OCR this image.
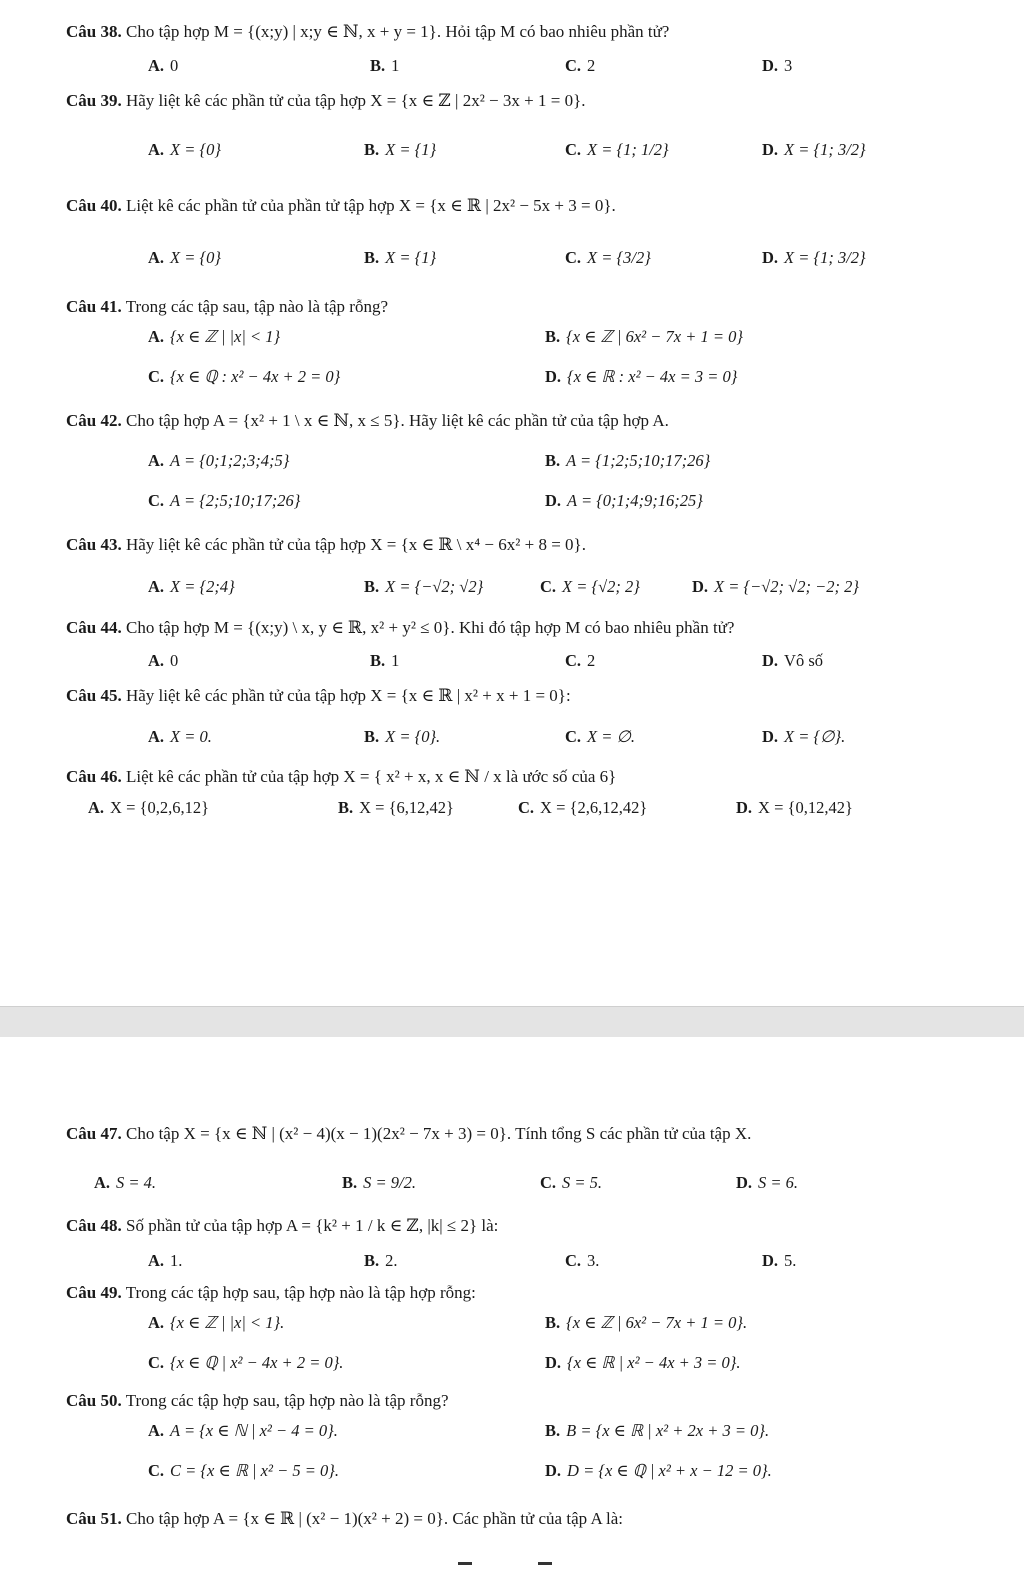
Câu 38. Cho tập hợp M = {(x;y) | x;y ∈ ℕ, x + y = 1}. Hỏi tập M có bao nhiêu phần tử?
A. 0	B. 1	C. 2	D. 3
Câu 39. Hãy liệt kê các phần tử của tập hợp X = {x ∈ ℤ | 2x² − 3x + 1 = 0}.
A. X = {0}	B. X = {1}	C. X = {1; 1/2}	D. X = {1; 3/2}
Câu 40. Liệt kê các phần tử của phần tử tập hợp X = {x ∈ ℝ | 2x² − 5x + 3 = 0}.
A. X = {0}	B. X = {1}	C. X = {3/2}	D. X = {1; 3/2}
Câu 41. Trong các tập sau, tập nào là tập rỗng?
A. {x ∈ ℤ | |x| < 1}	B. {x ∈ ℤ | 6x² − 7x + 1 = 0}
C. {x ∈ ℚ : x² − 4x + 2 = 0}	D. {x ∈ ℝ : x² − 4x = 3 = 0}
Câu 42. Cho tập hợp A = {x² + 1 \ x ∈ ℕ, x ≤ 5}. Hãy liệt kê các phần tử của tập hợp A.
A. A = {0;1;2;3;4;5}	B. A = {1;2;5;10;17;26}
C. A = {2;5;10;17;26}	D. A = {0;1;4;9;16;25}
Câu 43. Hãy liệt kê các phần tử của tập hợp X = {x ∈ ℝ \ x⁴ − 6x² + 8 = 0}.
A. X = {2;4}	B. X = {−√2; √2}	C. X = {√2; 2}	D. X = {−√2; √2; −2; 2}
Câu 44. Cho tập hợp M = {(x;y) \ x, y ∈ ℝ, x² + y² ≤ 0}. Khi đó tập hợp M có bao nhiêu phần tử?
A. 0	B. 1	C. 2	D. Vô số
Câu 45. Hãy liệt kê các phần tử của tập hợp X = {x ∈ ℝ | x² + x + 1 = 0}:
A. X = 0.	B. X = {0}.	C. X = ∅.	D. X = {∅}.
Câu 46. Liệt kê các phần tử của tập hợp X = { x² + x, x ∈ ℕ / x là ước số của 6}
A. X = {0,2,6,12}	B. X = {6,12,42}	C. X = {2,6,12,42}	D. X = {0,12,42}
Câu 47. Cho tập X = {x ∈ ℕ | (x² − 4)(x − 1)(2x² − 7x + 3) = 0}. Tính tổng S các phần tử của tập X.
A. S = 4.	B. S = 9/2.	C. S = 5.	D. S = 6.
Câu 48. Số phần tử của tập hợp A = {k² + 1 / k ∈ ℤ, |k| ≤ 2} là:
A. 1.	B. 2.	C. 3.	D. 5.
Câu 49. Trong các tập hợp sau, tập hợp nào là tập hợp rỗng:
A. {x ∈ ℤ | |x| < 1}.	B. {x ∈ ℤ | 6x² − 7x + 1 = 0}.
C. {x ∈ ℚ | x² − 4x + 2 = 0}.	D. {x ∈ ℝ | x² − 4x + 3 = 0}.
Câu 50. Trong các tập hợp sau, tập hợp nào là tập rỗng?
A. A = {x ∈ ℕ | x² − 4 = 0}.	B. B = {x ∈ ℝ | x² + 2x + 3 = 0}.
C. C = {x ∈ ℝ | x² − 5 = 0}.	D. D = {x ∈ ℚ | x² + x − 12 = 0}.
Câu 51. Cho tập hợp A = {x ∈ ℝ | (x² − 1)(x² + 2) = 0}. Các phần tử của tập A là:
